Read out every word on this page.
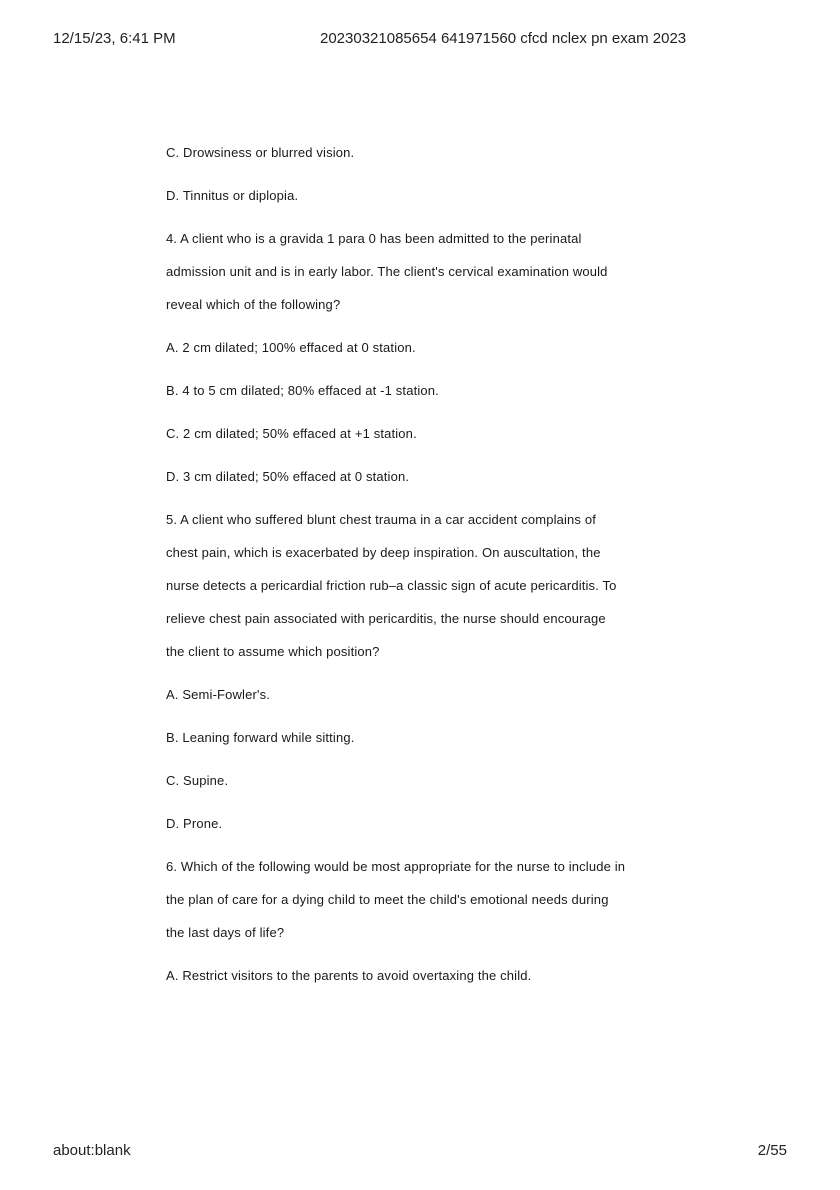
12/15/23, 6:41 PM	20230321085654 641971560 cfcd nclex pn exam 2023
C. Drowsiness or blurred vision.
D. Tinnitus or diplopia.
4. A client who is a gravida 1 para 0 has been admitted to the perinatal
admission unit and is in early labor. The client's cervical examination would
reveal which of the following?
A. 2 cm dilated; 100% effaced at 0 station.
B. 4 to 5 cm dilated; 80% effaced at -1 station.
C. 2 cm dilated; 50% effaced at +1 station.
D. 3 cm dilated; 50% effaced at 0 station.
5. A client who suffered blunt chest trauma in a car accident complains of
chest pain, which is exacerbated by deep inspiration. On auscultation, the
nurse detects a pericardial friction rub–a classic sign of acute pericarditis. To
relieve chest pain associated with pericarditis, the nurse should encourage
the client to assume which position?
A. Semi-Fowler's.
B. Leaning forward while sitting.
C. Supine.
D. Prone.
6. Which of the following would be most appropriate for the nurse to include in
the plan of care for a dying child to meet the child's emotional needs during
the last days of life?
A. Restrict visitors to the parents to avoid overtaxing the child.
about:blank	2/55
